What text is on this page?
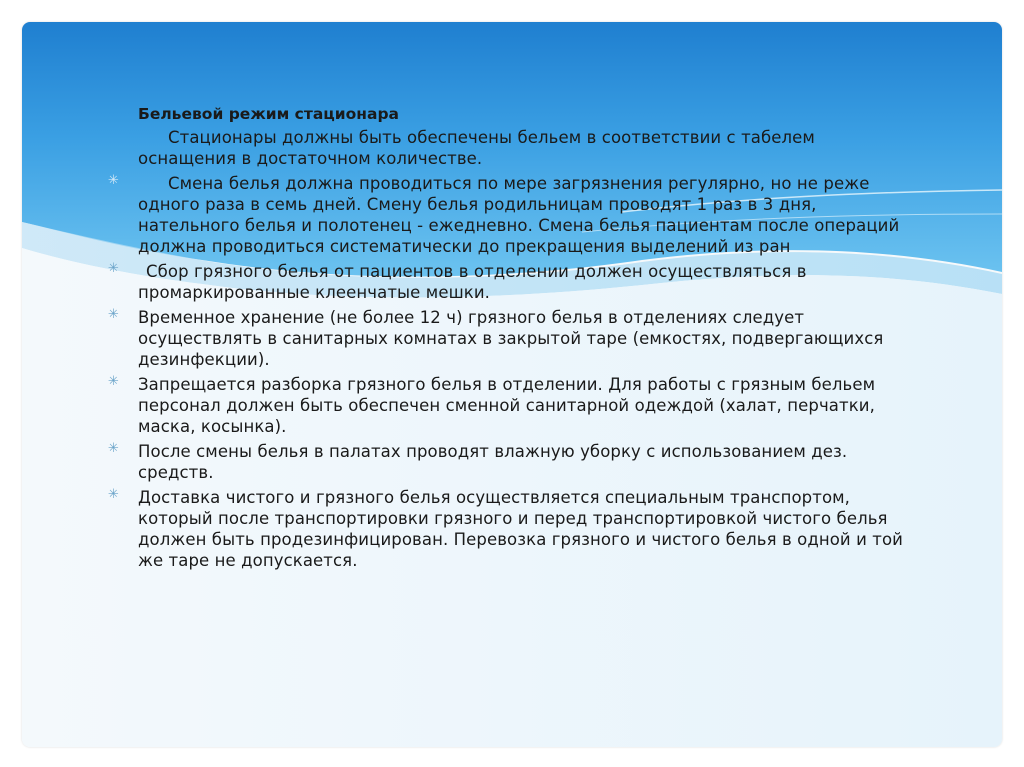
Бельевой режим стационара
Стационары должны быть обеспечены бельем в соответствии с табелем оснащения в достаточном количестве.
✳	Смена белья должна проводиться по мере загрязнения регулярно, но не реже одного раза в семь дней. Смену белья родильницам проводят 1 раз в 3 дня, нательного белья и полотенец - ежедневно. Смена белья пациентам после операций должна проводиться систематически до прекращения выделений из ран
✳	Сбор грязного белья от пациентов в отделении должен осуществляться в промаркированные клеенчатые мешки.
✳ Временное хранение (не более 12 ч) грязного белья в отделениях следует осуществлять в санитарных комнатах в закрытой таре (емкостях, подвергающихся дезинфекции).
✳ Запрещается разборка грязного белья в отделении. Для работы с грязным бельем персонал должен быть обеспечен сменной санитарной одеждой (халат, перчатки, маска, косынка).
✳ После смены белья в палатах проводят влажную уборку с использованием дез. средств.
✳ Доставка чистого и грязного белья осуществляется специальным транспортом, который после транспортировки грязного и перед транспортировкой чистого белья должен быть продезинфицирован. Перевозка грязного и чистого белья в одной и той же таре не допускается.
